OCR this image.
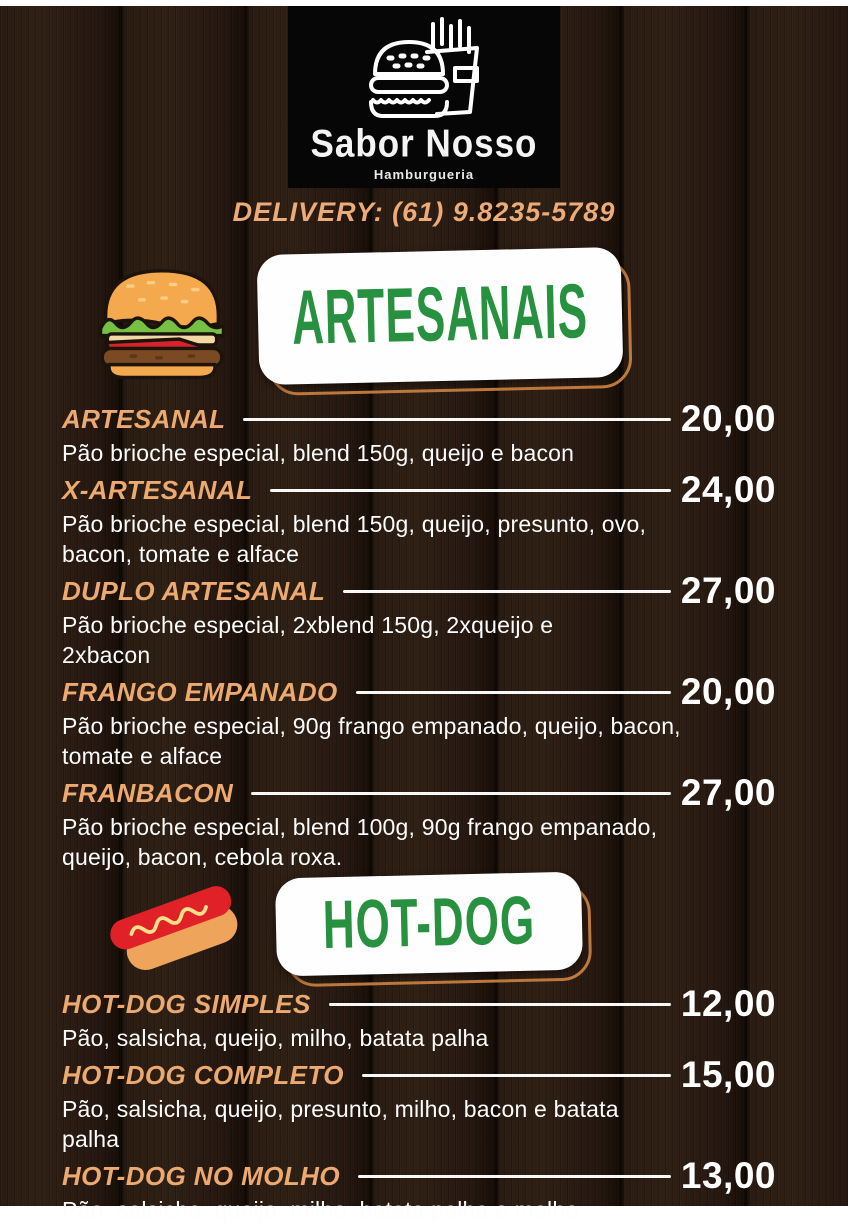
Sabor Nosso
Hamburgueria
DELIVERY: (61) 9.8235-5789
ARTESANAIS
ARTESANAL	20,00
Pão brioche especial, blend 150g, queijo e bacon
X-ARTESANAL	24,00
Pão brioche especial, blend 150g, queijo, presunto, ovo,
bacon, tomate e alface
DUPLO ARTESANAL	27,00
Pão brioche especial, 2xblend 150g, 2xqueijo e
2xbacon
FRANGO EMPANADO	20,00
Pão brioche especial, 90g frango empanado, queijo, bacon,
tomate e alface
FRANBACON	27,00
Pão brioche especial, blend 100g, 90g frango empanado,
queijo, bacon, cebola roxa.
HOT-DOG
HOT-DOG SIMPLES	12,00
Pão, salsicha, queijo, milho, batata palha
HOT-DOG COMPLETO	15,00
Pão, salsicha, queijo, presunto, milho, bacon e batata
palha
HOT-DOG NO MOLHO	13,00
Pão, salsicha, queijo, milho, batata palha e molho
